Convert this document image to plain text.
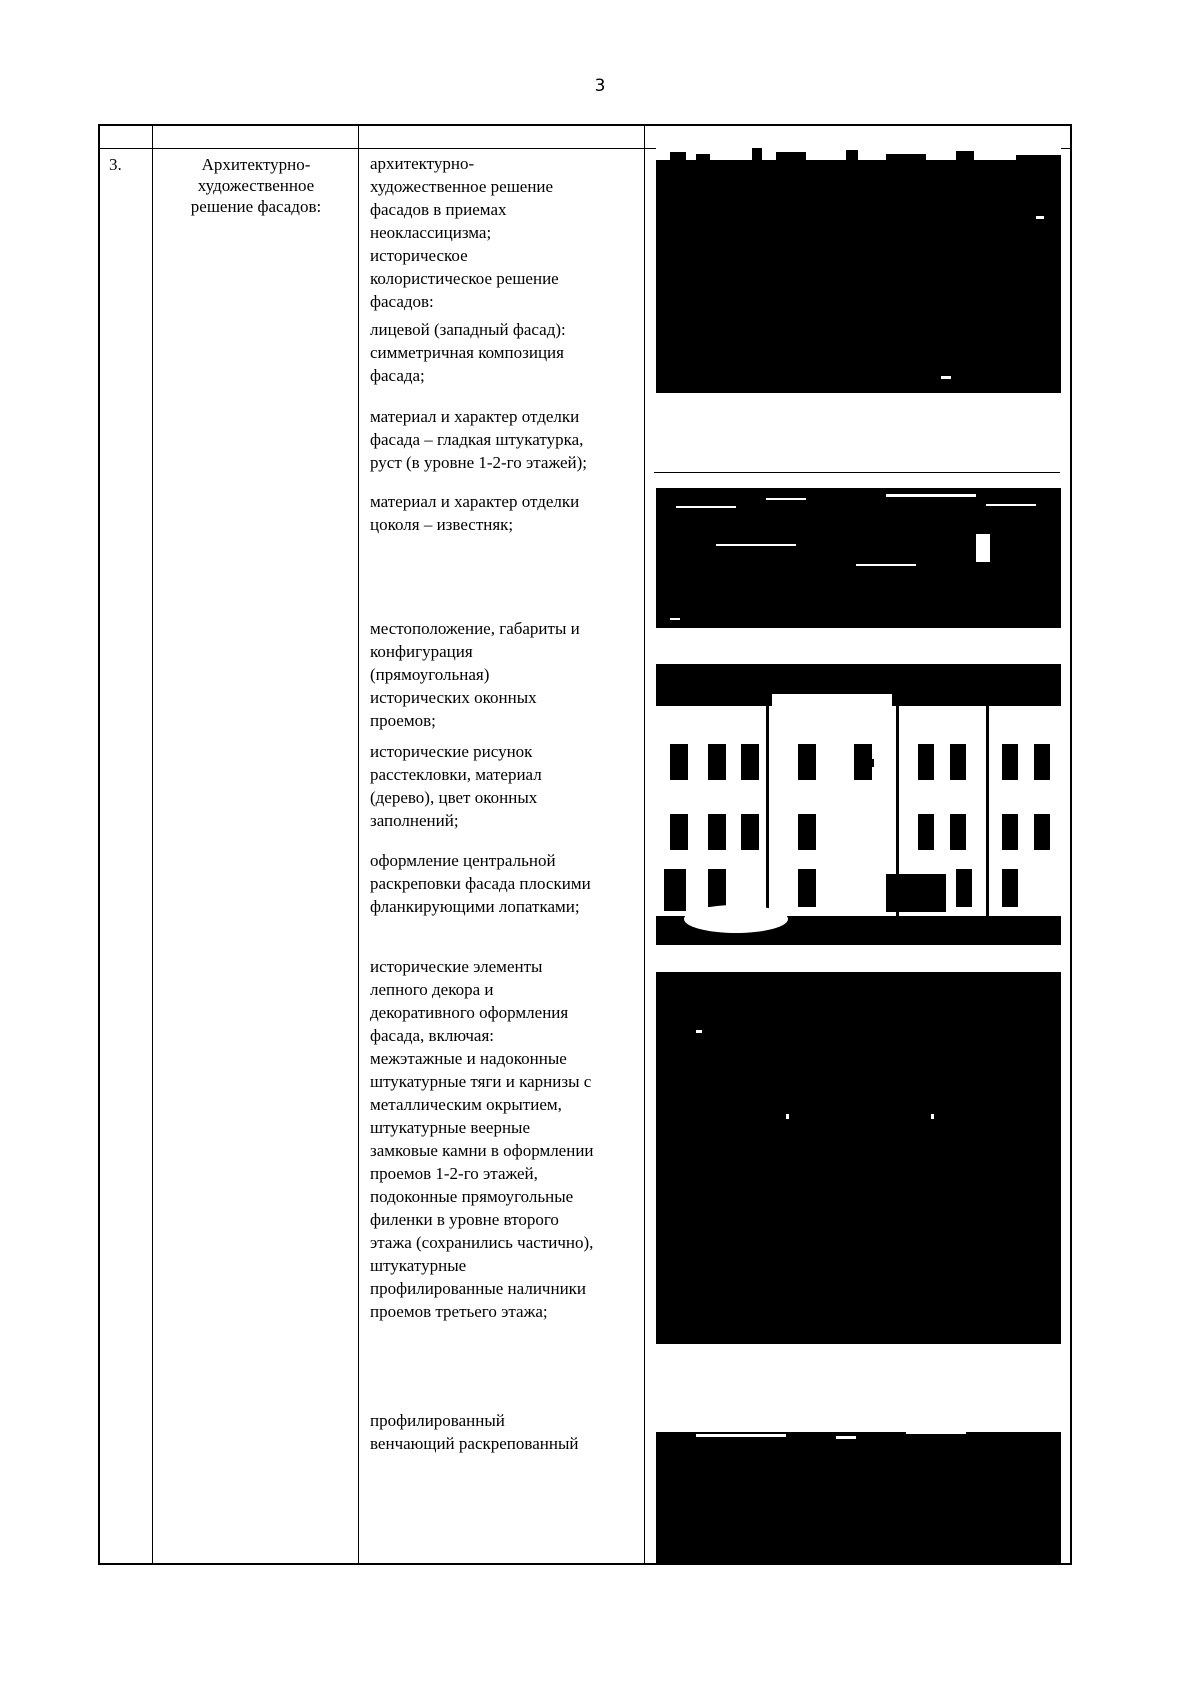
3
3.	Архитектурно-
художественное
решение фасадов:
архитектурно-
художественное решение
фасадов в приемах
неоклассицизма;
историческое
колористическое решение
фасадов:
лицевой (западный фасад):
симметричная композиция
фасада;
материал и характер отделки
фасада – гладкая штукатурка,
руст (в уровне 1-2-го этажей);
материал и характер отделки
цоколя – известняк;
местоположение, габариты и
конфигурация
(прямоугольная)
исторических оконных
проемов;
исторические рисунок
расстекловки, материал
(дерево), цвет оконных
заполнений;
оформление центральной
раскреповки фасада плоскими
фланкирующими лопатками;
исторические элементы
лепного декора и
декоративного оформления
фасада, включая:
межэтажные и надоконные
штукатурные тяги и карнизы с
металлическим окрытием,
штукатурные веерные
замковые камни в оформлении
проемов 1-2-го этажей,
подоконные прямоугольные
филенки в уровне второго
этажа (сохранились частично),
штукатурные
профилированные наличники
проемов третьего этажа;
профилированный
венчающий раскрепованный
